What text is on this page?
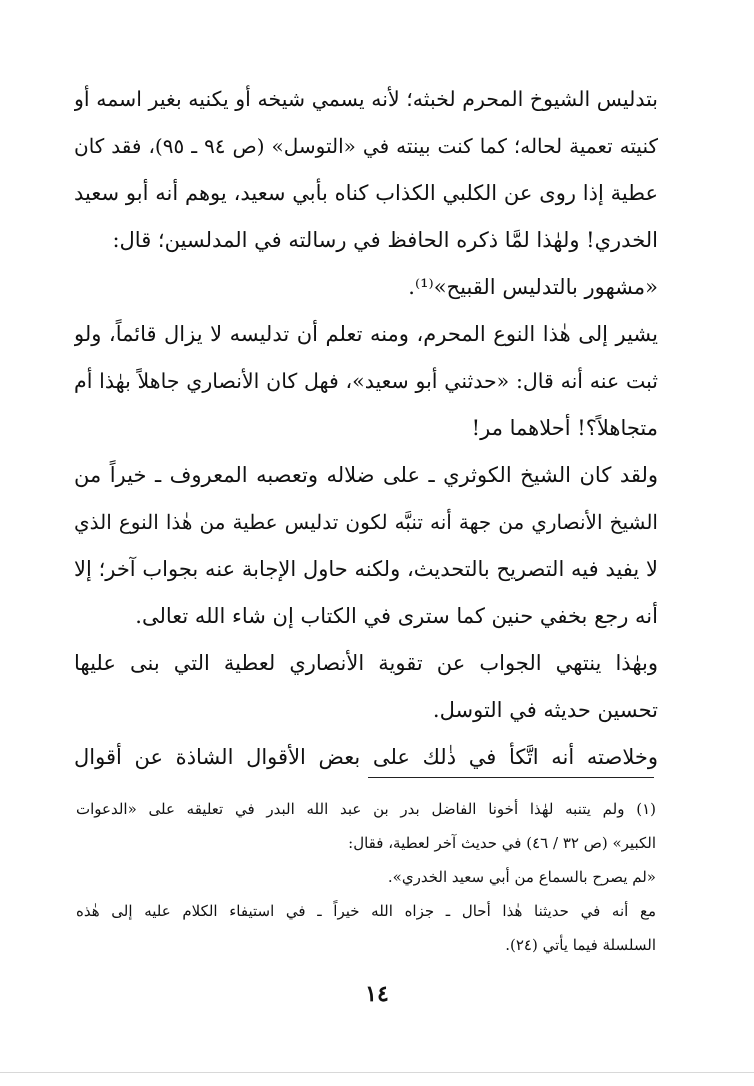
بتدليس الشيوخ المحرم لخبثه؛ لأنه يسمي شيخه أو يكنيه بغير اسمه أو
كنيته تعمية لحاله؛ كما كنت بينته في «التوسل» (ص ٩٤ ـ ٩٥)، فقد كان
عطية إذا روى عن الكلبي الكذاب كناه بأبي سعيد، يوهم أنه أبو سعيد
الخدري! ولهٰذا لمَّا ذكره الحافظ في رسالته في المدلسين؛ قال:
«مشهور بالتدليس القبيح»⁽¹⁾.
يشير إلى هٰذا النوع المحرم، ومنه تعلم أن تدليسه لا يزال قائماً، ولو
ثبت عنه أنه قال: «حدثني أبو سعيد»، فهل كان الأنصاري جاهلاً بهٰذا أم
متجاهلاً؟! أحلاهما مر!
ولقد كان الشيخ الكوثري ـ على ضلاله وتعصبه المعروف ـ خيراً من
الشيخ الأنصاري من جهة أنه تنبَّه لكون تدليس عطية من هٰذا النوع الذي
لا يفيد فيه التصريح بالتحديث، ولكنه حاول الإجابة عنه بجواب آخر؛ إلا
أنه رجع بخفي حنين كما سترى في الكتاب إن شاء الله تعالى.
وبهٰذا ينتهي الجواب عن تقوية الأنصاري لعطية التي بنى عليها
تحسين حديثه في التوسل.
وخلاصته أنه اتَّكأ في ذٰلك على بعض الأقوال الشاذة عن أقوال
(١) ولم يتنبه لهٰذا أخونا الفاضل بدر بن عبد الله البدر في تعليقه على «الدعوات
الكبير» (ص ٣٢ / ٤٦) في حديث آخر لعطية، فقال:
«لم يصرح بالسماع من أبي سعيد الخدري».
مع أنه في حديثنا هٰذا أحال ـ جزاه الله خيراً ـ في استيفاء الكلام عليه إلى هٰذه
السلسلة فيما يأتي (٢٤).
١٤
